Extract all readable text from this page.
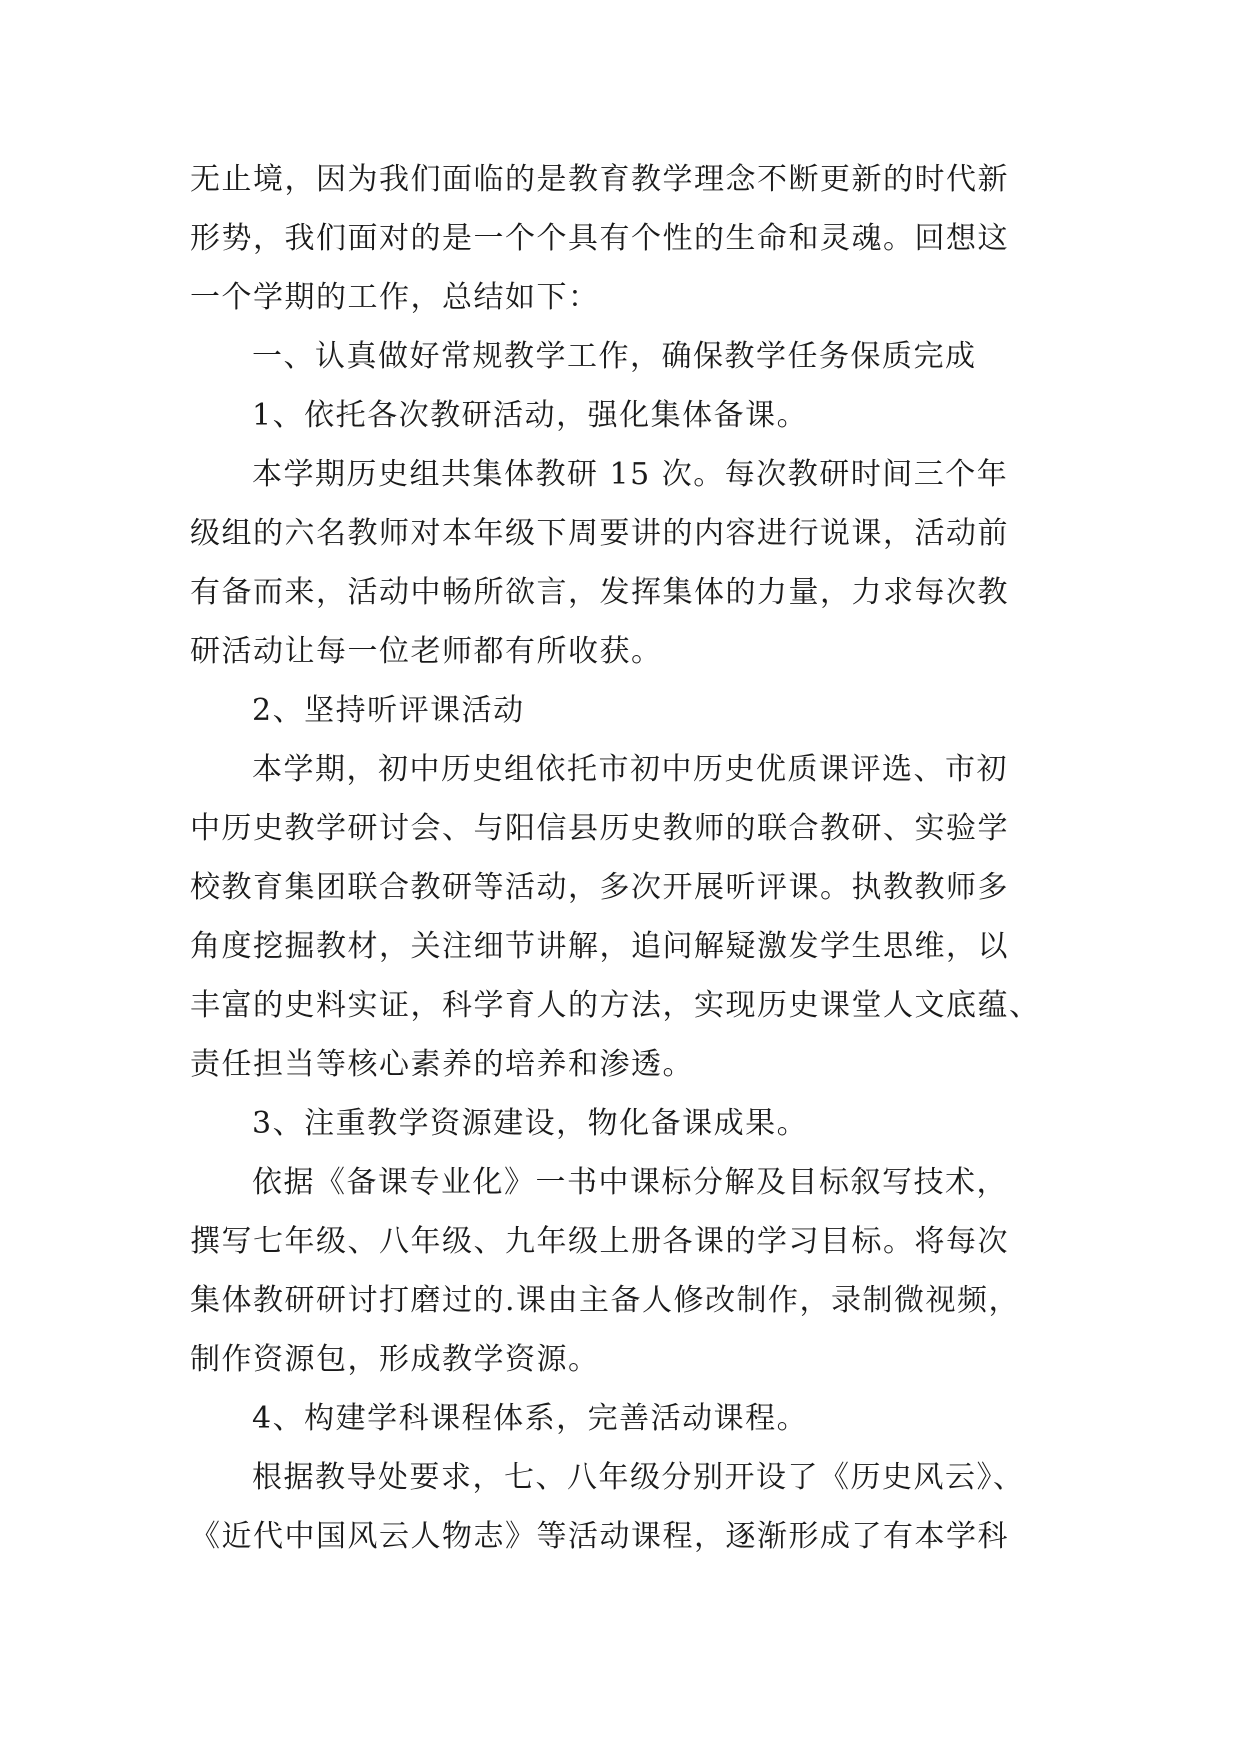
无止境，因为我们面临的是教育教学理念不断更新的时代新
形势，我们面对的是一个个具有个性的生命和灵魂。回想这
一个学期的工作，总结如下：
一、认真做好常规教学工作，确保教学任务保质完成
1、依托各次教研活动，强化集体备课。
本学期历史组共集体教研 15 次。每次教研时间三个年
级组的六名教师对本年级下周要讲的内容进行说课，活动前
有备而来，活动中畅所欲言，发挥集体的力量，力求每次教
研活动让每一位老师都有所收获。
2、坚持听评课活动
本学期，初中历史组依托市初中历史优质课评选、市初
中历史教学研讨会、与阳信县历史教师的联合教研、实验学
校教育集团联合教研等活动，多次开展听评课。执教教师多
角度挖掘教材，关注细节讲解，追问解疑激发学生思维，以
丰富的史料实证，科学育人的方法，实现历史课堂人文底蕴、
责任担当等核心素养的培养和渗透。
3、注重教学资源建设，物化备课成果。
依据《备课专业化》一书中课标分解及目标叙写技术，
撰写七年级、八年级、九年级上册各课的学习目标。将每次
集体教研研讨打磨过的.课由主备人修改制作，录制微视频，
制作资源包，形成教学资源。
4、构建学科课程体系，完善活动课程。
根据教导处要求，七、八年级分别开设了《历史风云》、
《近代中国风云人物志》等活动课程，逐渐形成了有本学科
